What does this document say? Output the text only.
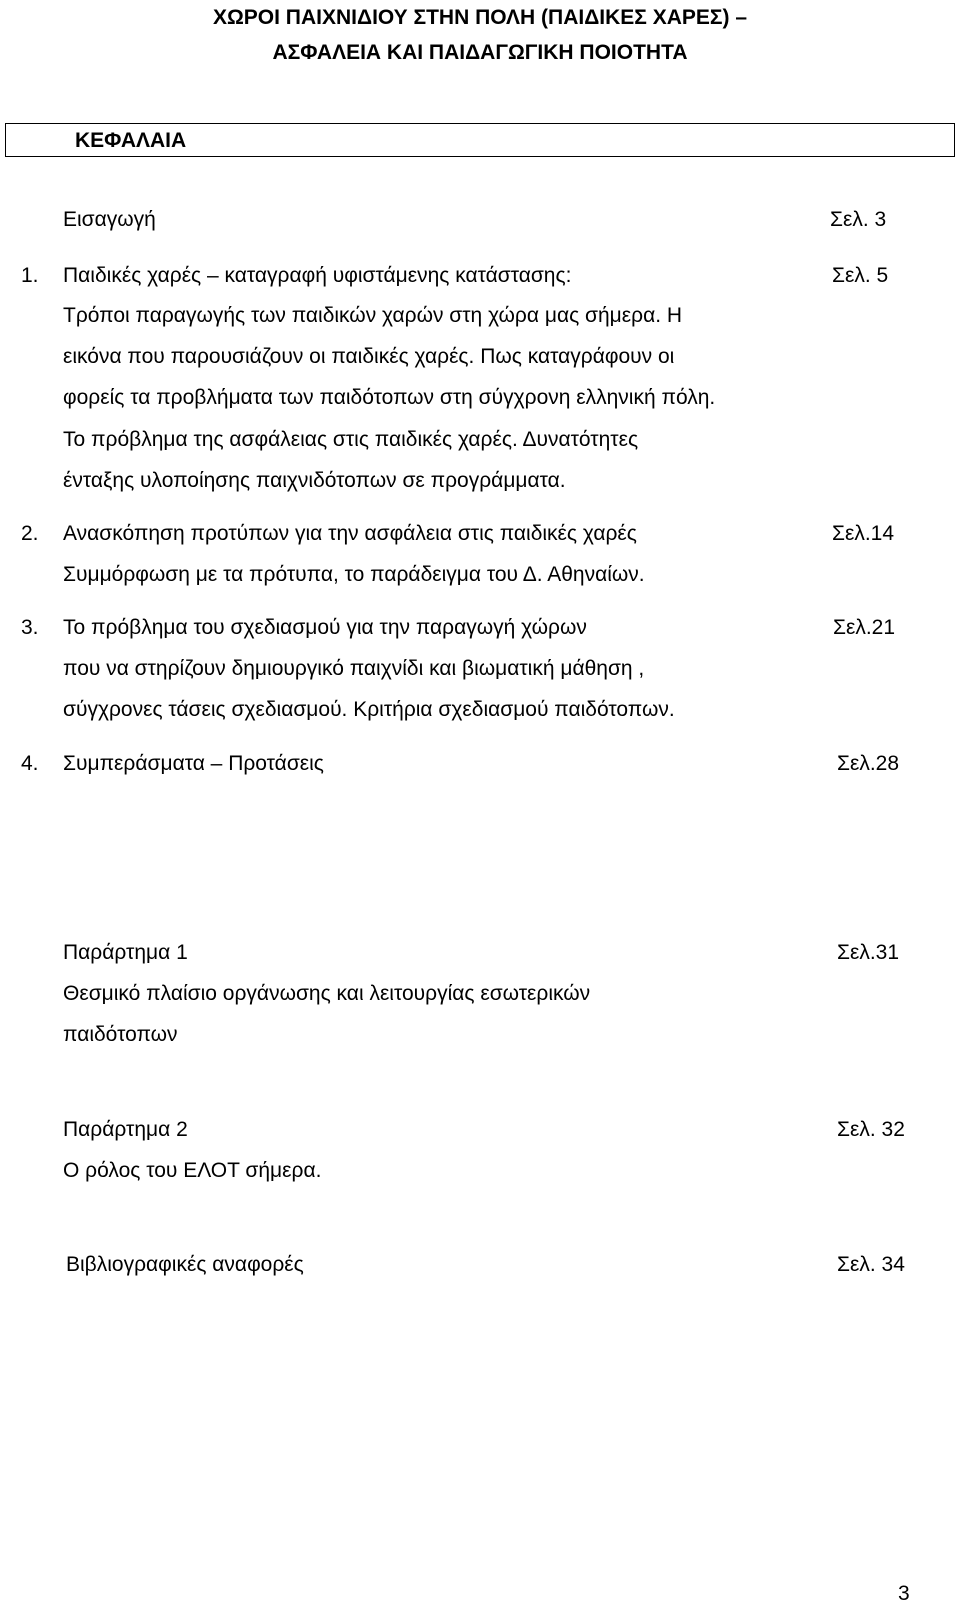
ΧΩΡΟΙ ΠΑΙΧΝΙΔΙΟΥ ΣΤΗΝ ΠΟΛΗ (ΠΑΙΔΙΚΕΣ ΧΑΡΕΣ) –
ΑΣΦΑΛΕΙΑ ΚΑΙ ΠΑΙΔΑΓΩΓΙΚΗ ΠΟΙΟΤΗΤΑ
ΚΕΦΑΛΑΙΑ
Εισαγωγή	Σελ. 3
1. Παιδικές χαρές – καταγραφή υφιστάμενης κατάστασης:	Σελ. 5
Τρόποι παραγωγής των παιδικών χαρών στη χώρα μας σήμερα. Η
εικόνα που παρουσιάζουν οι παιδικές χαρές. Πως καταγράφουν οι
φορείς τα προβλήματα των παιδότοπων στη σύγχρονη ελληνική πόλη.
Το πρόβλημα της ασφάλειας στις παιδικές χαρές. Δυνατότητες
ένταξης υλοποίησης παιχνιδότοπων σε προγράμματα.
2. Ανασκόπηση προτύπων για την ασφάλεια στις παιδικές χαρές	Σελ.14
Συμμόρφωση με τα πρότυπα, το παράδειγμα του Δ. Αθηναίων.
3. Το πρόβλημα του σχεδιασμού για την παραγωγή χώρων	Σελ.21
που να στηρίζουν δημιουργικό παιχνίδι και βιωματική μάθηση ,
σύγχρονες τάσεις σχεδιασμού. Κριτήρια σχεδιασμού παιδότοπων.
4. Συμπεράσματα – Προτάσεις	Σελ.28
Παράρτημα 1	Σελ.31
Θεσμικό πλαίσιο οργάνωσης και λειτουργίας εσωτερικών
παιδότοπων
Παράρτημα 2	Σελ. 32
Ο ρόλος του ΕΛΟΤ σήμερα.
Βιβλιογραφικές αναφορές	Σελ. 34
3
